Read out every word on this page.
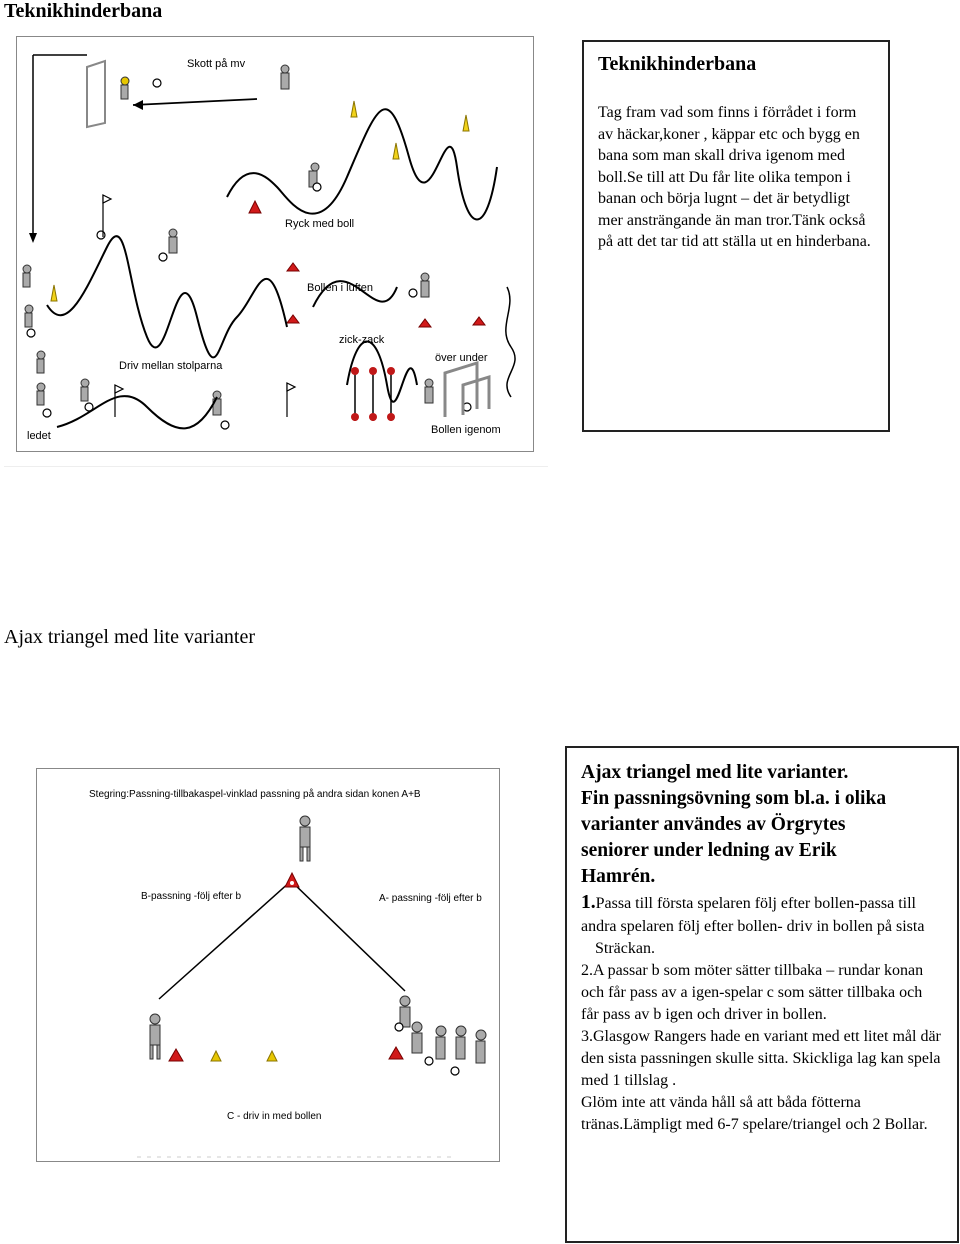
Teknikhinderbana
Skott på mv
Ryck med boll
Bollen i luften
zick-zack
över under
Driv mellan stolparna
Bollen igenom
ledet
Teknikhinderbana
Tag fram vad som finns i förrådet i form av häckar,koner , käppar etc och bygg en bana som man skall driva igenom med boll.Se till att Du får lite olika tempon i banan och börja lugnt – det är betydligt mer ansträngande än man tror.Tänk också på att det tar tid att ställa ut en hinderbana.
Ajax triangel med lite varianter
Stegring:Passning-tillbakaspel-vinklad passning på andra sidan konen A+B
B-passning -följ efter b	A- passning -följ efter b
C - driv in med bollen
Ajax triangel med lite varianter.
Fin passningsövning som bl.a. i olika
varianter användes av Örgrytes
seniorer under ledning av Erik
Hamrén.
1.Passa till första spelaren följ efter bollen-passa till andra spelaren följ efter bollen- driv in bollen på sista
Sträckan.
2.A passar b som möter sätter tillbaka – rundar konan och får pass av a igen-spelar c som sätter tillbaka och får pass av b igen och driver in bollen.
3.Glasgow Rangers hade en variant med ett litet mål där den sista passningen skulle sitta. Skickliga lag kan spela med 1 tillslag .
Glöm inte att vända håll så att båda fötterna tränas.Lämpligt med 6-7 spelare/triangel och 2 Bollar.
